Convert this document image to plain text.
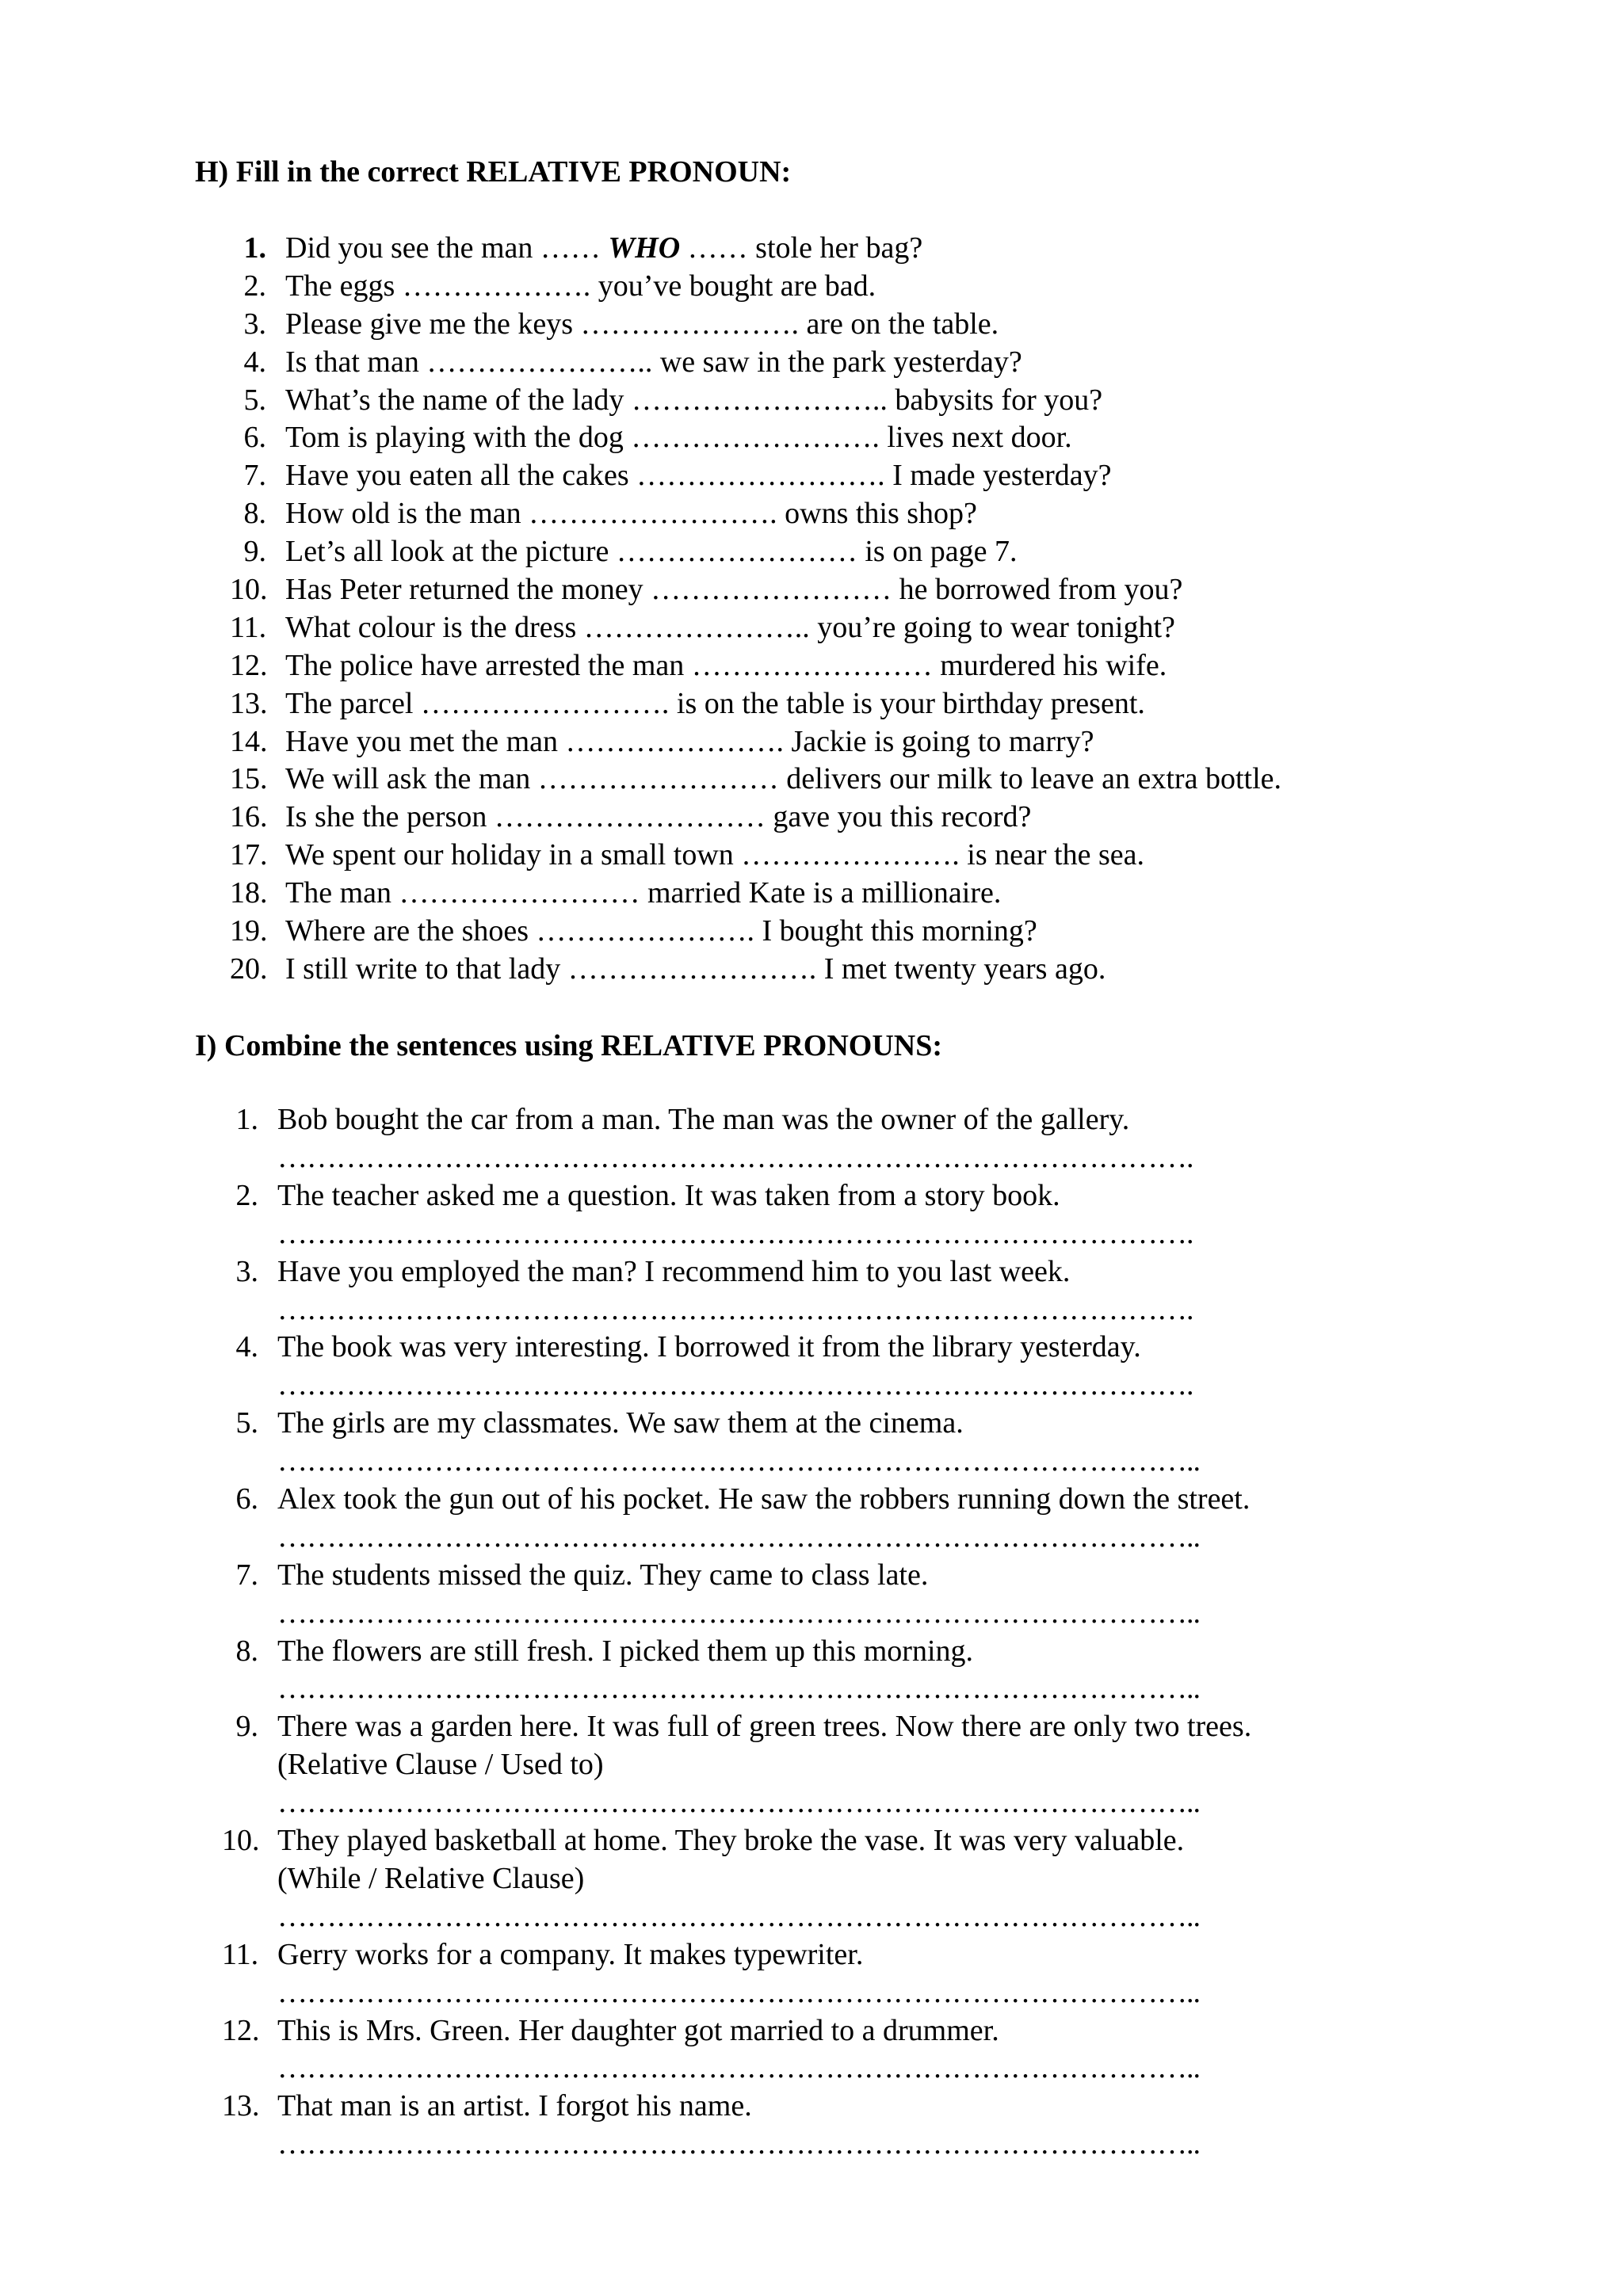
H) Fill in the correct RELATIVE PRONOUN:
1. Did you see the man …… WHO …… stole her bag?
2. The eggs ………………. you’ve bought are bad.
3. Please give me the keys …………………. are on the table.
4. Is that man ………………….. we saw in the park yesterday?
5. What’s the name of the lady …………………….. babysits for you?
6. Tom is playing with the dog ……………………. lives next door.
7. Have you eaten all the cakes ……………………. I made yesterday?
8. How old is the man ……………………. owns this shop?
9. Let’s all look at the picture …………………… is on page 7.
10. Has Peter returned the money …………………… he borrowed from you?
11. What colour is the dress ………………….. you’re going to wear tonight?
12. The police have arrested the man …………………… murdered his wife.
13. The parcel ……………………. is on the table is your birthday present.
14. Have you met the man …………………. Jackie is going to marry?
15. We will ask the man …………………… delivers our milk to leave an extra bottle.
16. Is she the person ……………………… gave you this record?
17. We spent our holiday in a small town …………………. is near the sea.
18. The man …………………… married Kate is a millionaire.
19. Where are the shoes …………………. I bought this morning?
20. I still write to that lady ……………………. I met twenty years ago.
I) Combine the sentences using RELATIVE PRONOUNS:
1. Bob bought the car from a man. The man was the owner of the gallery.
………………………………………………………………………………….
2. The teacher asked me a question. It was taken from a story book.
………………………………………………………………………………….
3. Have you employed the man? I recommend him to you last week.
………………………………………………………………………………….
4. The book was very interesting. I borrowed it from the library yesterday.
………………………………………………………………………………….
5. The girls are my classmates. We saw them at the cinema.
…………………………………………………………………………………..
6. Alex took the gun out of his pocket. He saw the robbers running down the street.
…………………………………………………………………………………..
7. The students missed the quiz. They came to class late.
…………………………………………………………………………………..
8. The flowers are still fresh. I picked them up this morning.
…………………………………………………………………………………..
9. There was a garden here. It was full of green trees. Now there are only two trees.
(Relative Clause / Used to)
…………………………………………………………………………………..
10. They played basketball at home. They broke the vase. It was very valuable.
(While / Relative Clause)
…………………………………………………………………………………..
11. Gerry works for a company. It makes typewriter.
…………………………………………………………………………………..
12. This is Mrs. Green. Her daughter got married to a drummer.
…………………………………………………………………………………..
13. That man is an artist. I forgot his name.
…………………………………………………………………………………..
